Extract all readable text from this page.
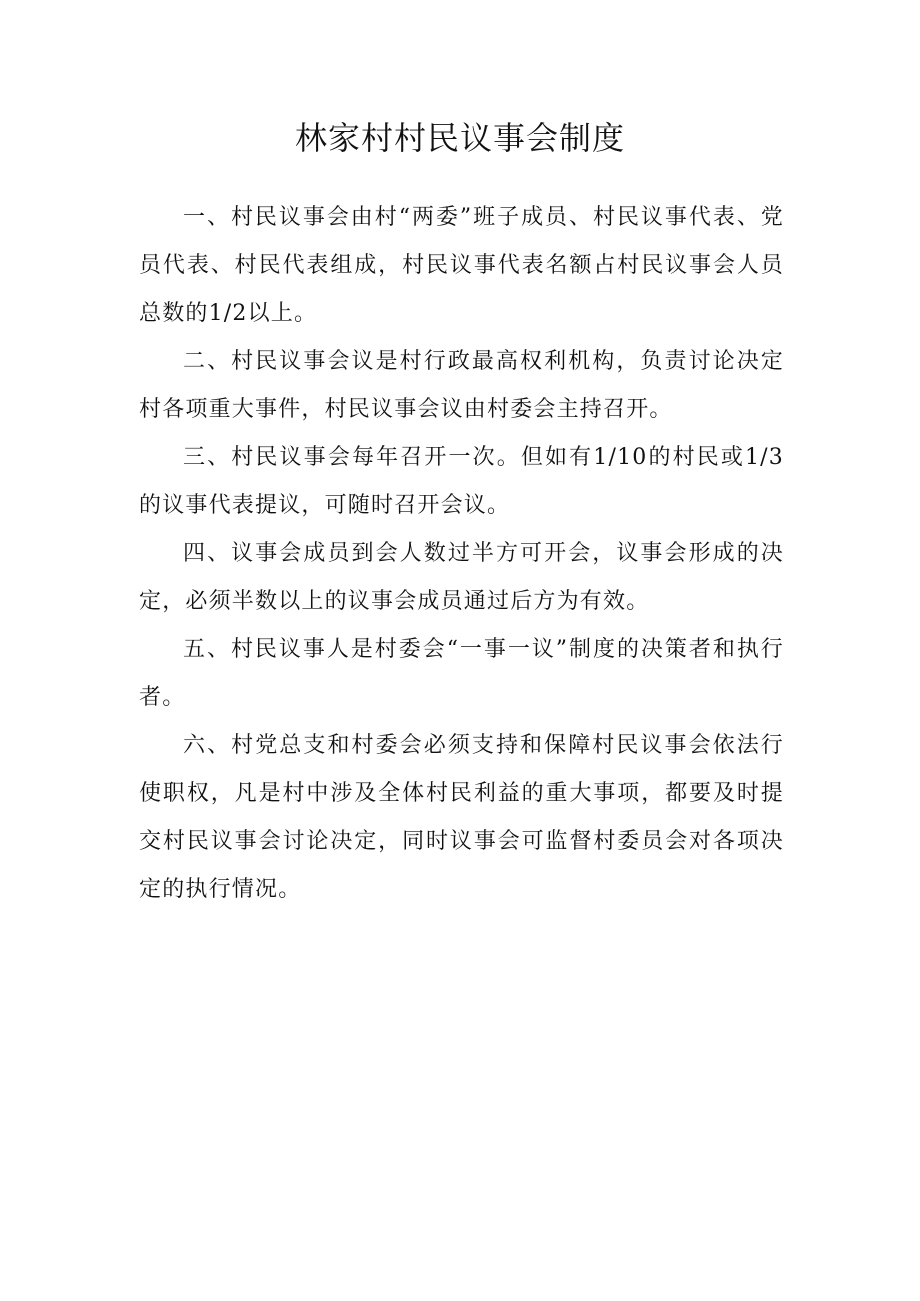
林家村村民议事会制度

一、村民议事会由村“两委”班子成员、村民议事代表、党员代表、村民代表组成，村民议事代表名额占村民议事会人员总数的1/2以上。

二、村民议事会议是村行政最高权利机构，负责讨论决定村各项重大事件，村民议事会议由村委会主持召开。

三、村民议事会每年召开一次。但如有1/10的村民或1/3的议事代表提议，可随时召开会议。

四、议事会成员到会人数过半方可开会，议事会形成的决定，必须半数以上的议事会成员通过后方为有效。

五、村民议事人是村委会“一事一议”制度的决策者和执行者。

六、村党总支和村委会必须支持和保障村民议事会依法行使职权，凡是村中涉及全体村民利益的重大事项，都要及时提交村民议事会讨论决定，同时议事会可监督村委员会对各项决定的执行情况。
